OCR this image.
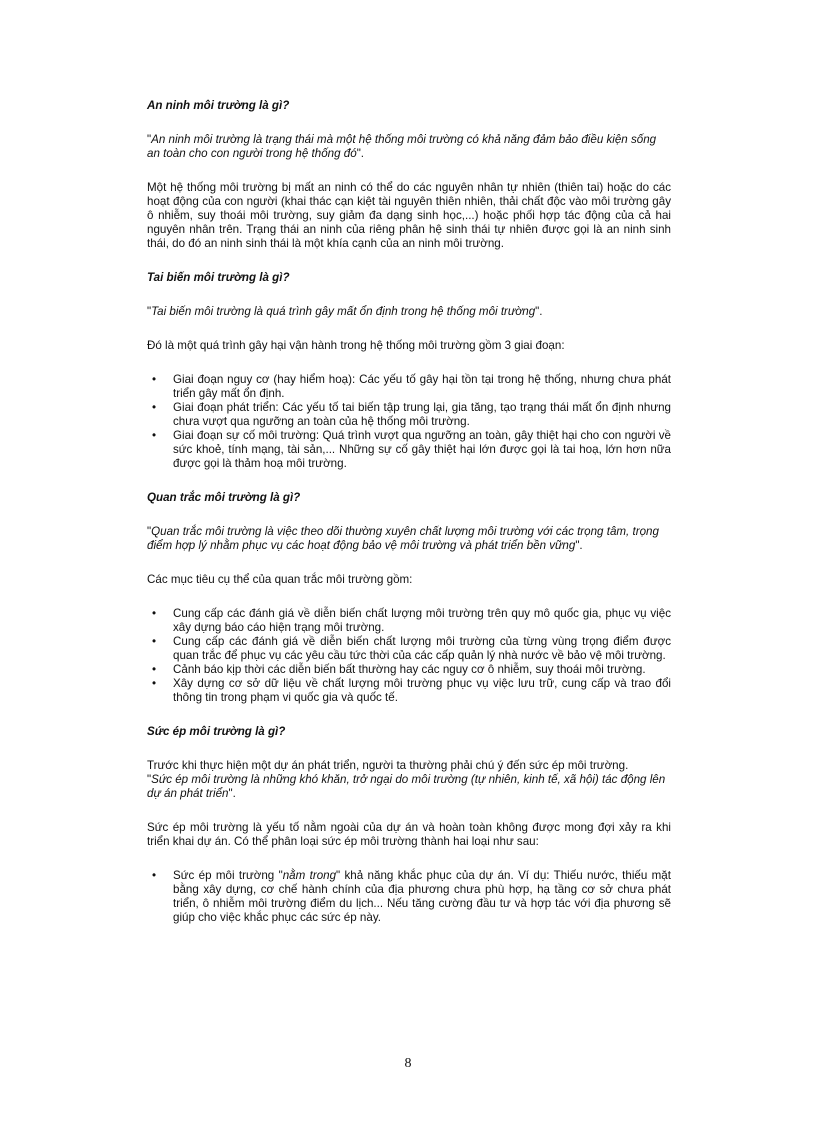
An ninh môi trường là gì?
"An ninh môi trường là trạng thái mà một hệ thống môi trường có khả năng đảm bảo điều kiện sống an toàn cho con người trong hệ thống đó".
Một hệ thống môi trường bị mất an ninh có thể do các nguyên nhân tự nhiên (thiên tai) hoặc do các hoạt động của con người (khai thác cạn kiệt tài nguyên thiên nhiên, thải chất độc vào môi trường gây ô nhiễm, suy thoái môi trường, suy giảm đa dạng sinh học,...) hoặc phối hợp tác động của cả hai nguyên nhân trên. Trạng thái an ninh của riêng phân hệ sinh thái tự nhiên được gọi là an ninh sinh thái, do đó an ninh sinh thái là một khía cạnh của an ninh môi trường.
Tai biến môi trường là gì?
"Tai biến môi trường là quá trình gây mất ổn định trong hệ thống môi trường".
Đó là một quá trình gây hại vận hành trong hệ thống môi trường gồm 3 giai đoạn:
• Giai đoạn nguy cơ (hay hiểm hoạ): Các yếu tố gây hại tồn tại trong hệ thống, nhưng chưa phát triển gây mất ổn định.
• Giai đoạn phát triển: Các yếu tố tai biến tập trung lại, gia tăng, tạo trạng thái mất ổn định nhưng chưa vượt qua ngưỡng an toàn của hệ thống môi trường.
• Giai đoạn sự cố môi trường: Quá trình vượt qua ngưỡng an toàn, gây thiệt hại cho con người về sức khoẻ, tính mạng, tài sản,... Những sự cố gây thiệt hại lớn được gọi là tai hoạ, lớn hơn nữa được gọi là thảm hoạ môi trường.
Quan trắc môi trường là gì?
"Quan trắc môi trường là việc theo dõi thường xuyên chất lượng môi trường với các trọng tâm, trọng điểm hợp lý nhằm phục vụ các hoạt động bảo vệ môi trường và phát triển bền vững".
Các mục tiêu cụ thể của quan trắc môi trường gồm:
• Cung cấp các đánh giá về diễn biến chất lượng môi trường trên quy mô quốc gia, phục vụ việc xây dựng báo cáo hiện trạng môi trường.
• Cung cấp các đánh giá về diễn biến chất lượng môi trường của từng vùng trọng điểm được quan trắc để phục vụ các yêu cầu tức thời của các cấp quản lý nhà nước về bảo vệ môi trường.
• Cảnh báo kịp thời các diễn biến bất thường hay các nguy cơ ô nhiễm, suy thoái môi trường.
• Xây dựng cơ sở dữ liệu về chất lượng môi trường phục vụ việc lưu trữ, cung cấp và trao đổi thông tin trong phạm vi quốc gia và quốc tế.
Sức ép môi trường là gì?
Trước khi thực hiện một dự án phát triển, người ta thường phải chú ý đến sức ép môi trường.
"Sức ép môi trường là những khó khăn, trở ngại do môi trường (tự nhiên, kinh tế, xã hội) tác động lên dự án phát triển".
Sức ép môi trường là yếu tố nằm ngoài của dự án và hoàn toàn không được mong đợi xảy ra khi triển khai dự án. Có thể phân loại sức ép môi trường thành hai loại như sau:
• Sức ép môi trường "nằm trong" khả năng khắc phục của dự án. Ví dụ: Thiếu nước, thiếu mặt bằng xây dựng, cơ chế hành chính của địa phương chưa phù hợp, hạ tầng cơ sở chưa phát triển, ô nhiễm môi trường điểm du lịch... Nếu tăng cường đầu tư và hợp tác với địa phương sẽ giúp cho việc khắc phục các sức ép này.
8
